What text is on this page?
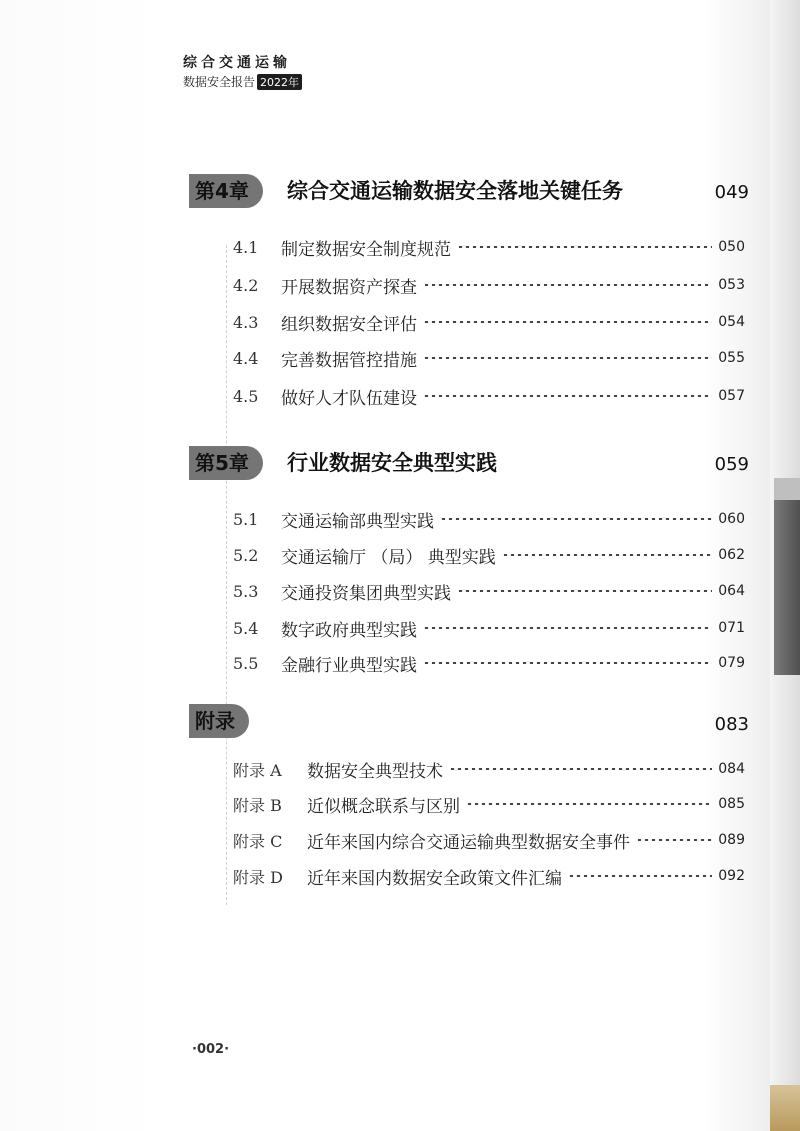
综合交通运输
数据安全报告 2022年
第4章	综合交通运输数据安全落地关键任务	049
4.1	制定数据安全制度规范	050
4.2	开展数据资产探查	053
4.3	组织数据安全评估	054
4.4	完善数据管控措施	055
4.5	做好人才队伍建设	057
第5章	行业数据安全典型实践	059
5.1	交通运输部典型实践	060
5.2	交通运输厅 （局） 典型实践	062
5.3	交通投资集团典型实践	064
5.4	数字政府典型实践	071
5.5	金融行业典型实践	079
附录	083
附录 A	数据安全典型技术	084
附录 B	近似概念联系与区别	085
附录 C	近年来国内综合交通运输典型数据安全事件	089
附录 D	近年来国内数据安全政策文件汇编	092
·002·
